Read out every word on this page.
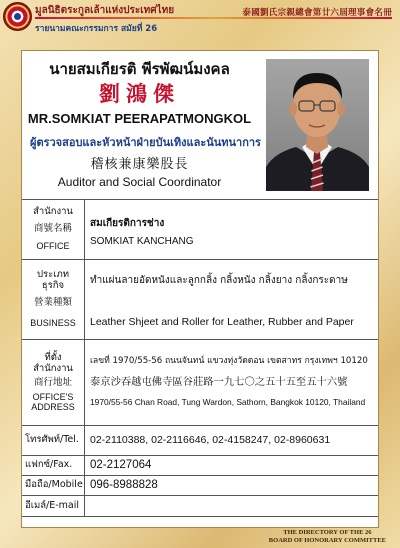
มูลนิธิตระกูลเล้าแห่งประเทศไทย
รายนามคณะกรรมการ สมัยที่ 26
泰國劉氏宗親總會第廿六屆理事會名冊
นายสมเกียรติ พีรพัฒน์มงคล
劉鴻傑
MR.SOMKIAT PEERAPATMONGKOL
ผู้ตรวจสอบและหัวหน้าฝ่ายบันเทิงและนันทนาการ
稽核兼康樂股長
Auditor and Social Coordinator
สำนักงาน
商號名稱
OFFICE
สมเกียรติการช่าง
SOMKIAT KANCHANG
ประเภท
ธุรกิจ
營業種類
BUSINESS
ทำแผ่นลายอัดหนังและลูกกลิ้ง กลิ้งหนัง กลิ้งยาง กลิ้งกระดาษ
Leather Shjeet and Roller for Leather, Rubber and Paper
ที่ตั้ง
สำนักงาน
商行地址
OFFICE'S
ADDRESS
เลขที่ 1970/55-56 ถนนจันทน์ แขวงทุ่งวัดดอน เขตสาทร กรุงเทพฯ 10120
泰京沙吞越屯佛寺區谷莊路一九七〇之五十五至五十六號
1970/55-56 Chan Road, Tung Wardon, Sathorn, Bangkok 10120, Thailand
โทรศัพท์/Tel. 02-2110388, 02-2116646, 02-4158247, 02-8960631
แฟกซ์/Fax. 02-2127064
มือถือ/Mobile 096-8988828
อีเมล์/E-mail
THE DIRECTORY OF THE 26
BOARD OF HONORARY COMMITTEE
